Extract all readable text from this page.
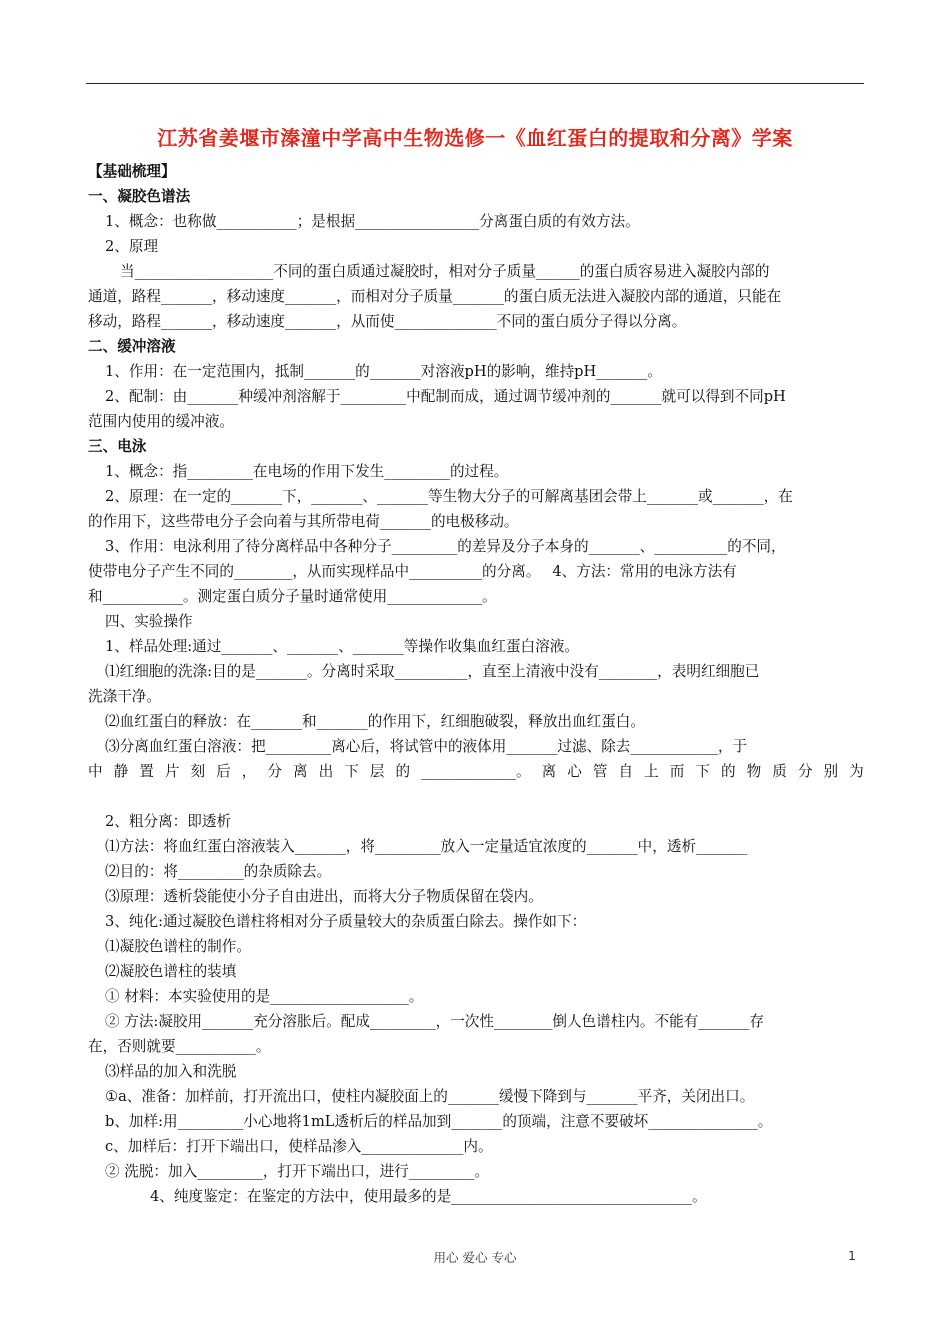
江苏省姜堰市溱潼中学高中生物选修一《血红蛋白的提取和分离》学案
【基础梳理】
一、凝胶色谱法
1、概念：也称做___________；是根据_________________分离蛋白质的有效方法。
2、原理
当___________________不同的蛋白质通过凝胶时，相对分子质量______的蛋白质容易进入凝胶内部的
通道，路程_______，移动速度_______，而相对分子质量_______的蛋白质无法进入凝胶内部的通道，只能在
移动，路程_______，移动速度_______，从而使______________不同的蛋白质分子得以分离。
二、缓冲溶液
1、作用：在一定范围内，抵制_______的_______对溶液pH的影响，维持pH_______。
2、配制：由_______种缓冲剂溶解于_________中配制而成，通过调节缓冲剂的_______就可以得到不同pH
范围内使用的缓冲液。
三、电泳
1、概念：指_________在电场的作用下发生_________的过程。
2、原理：在一定的_______下，_______、_______等生物大分子的可解离基团会带上_______或_______，在
的作用下，这些带电分子会向着与其所带电荷_______的电极移动。
3、作用：电泳利用了待分离样品中各种分子_________的差异及分子本身的_______、__________的不同，
使带电分子产生不同的________，从而实现样品中__________的分离。　 4、方法：常用的电泳方法有
和___________。测定蛋白质分子量时通常使用_____________。
四、实验操作
1、样品处理:通过_______、_______、_______等操作收集血红蛋白溶液。
⑴红细胞的洗涤:目的是_______。分离时采取__________，直至上清液中没有________，表明红细胞已
洗涤干净。
⑵血红蛋白的释放：在_______和_______的作用下，红细胞破裂，释放出血红蛋白。
⑶分离血红蛋白溶液：把_________离心后，将试管中的液体用_______过滤、除去____________，于
中 静 置 片 刻 后 ， 分 离 出 下 层 的 _____________。 离 心 管 自 上 而 下 的 物 质 分 别 为
2、粗分离：即透析
⑴方法：将血红蛋白溶液装入_______，将_________放入一定量适宜浓度的_______中，透析_______
⑵目的：将_________的杂质除去。
⑶原理：透析袋能使小分子自由进出，而将大分子物质保留在袋内。
3、纯化:通过凝胶色谱柱将相对分子质量较大的杂质蛋白除去。操作如下：
⑴凝胶色谱柱的制作。
⑵凝胶色谱柱的装填
① 材料：本实验使用的是___________________。
② 方法:凝胶用_______充分溶胀后。配成_________，一次性________倒人色谱柱内。不能有_______存
在，否则就要___________。
⑶样品的加入和洗脱
①a、准备：加样前，打开流出口，使柱内凝胶面上的_______缓慢下降到与_______平齐，关闭出口。
b、加样:用_________小心地将1mL透析后的样品加到_______的顶端，注意不要破坏_______________。
c、加样后：打开下端出口，使样品渗入______________内。
② 洗脱：加入_________，打开下端出口，进行_________。
4、纯度鉴定：在鉴定的方法中，使用最多的是_________________________________。
用心 爱心 专心	1
